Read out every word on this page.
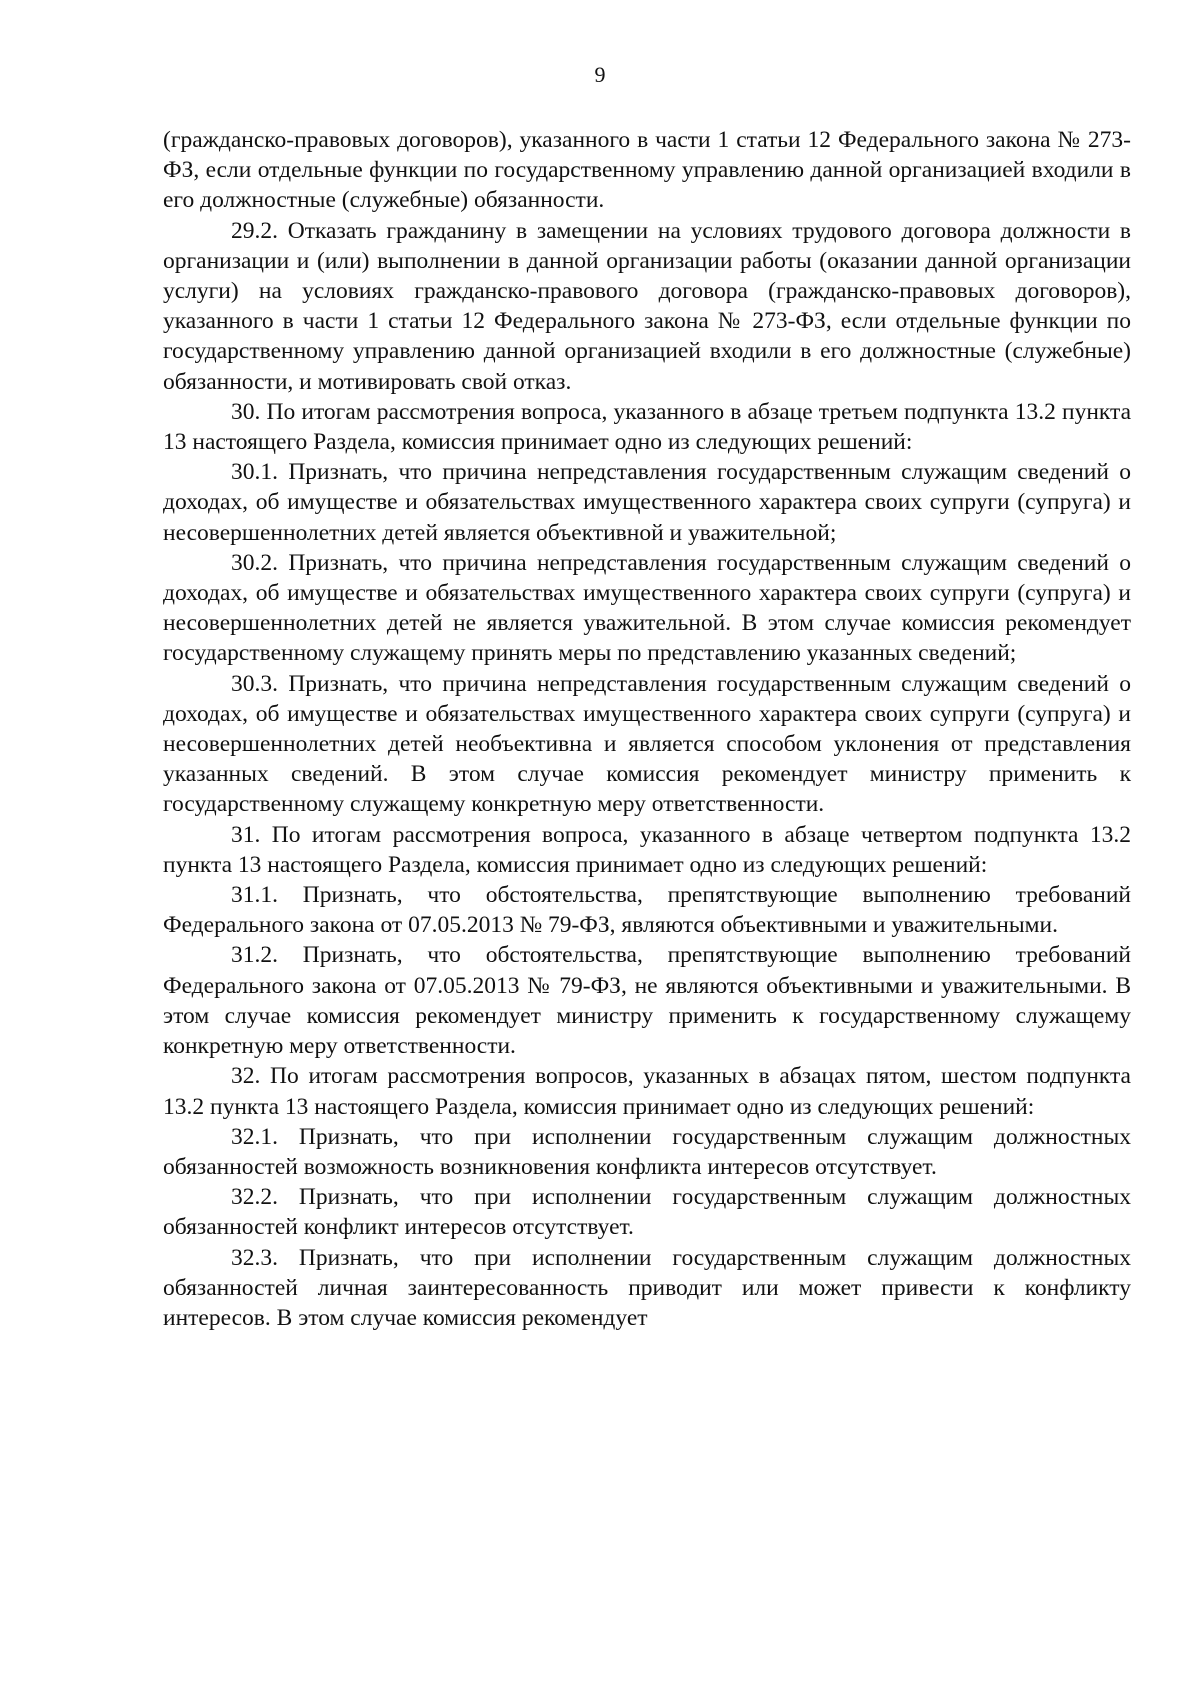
9

(гражданско-правовых договоров), указанного в части 1 статьи 12 Федерального закона № 273-ФЗ, если отдельные функции по государственному управлению данной организацией входили в его должностные (служебные) обязанности.

29.2. Отказать гражданину в замещении на условиях трудового договора должности в организации и (или) выполнении в данной организации работы (оказании данной организации услуги) на условиях гражданско-правового договора (гражданско-правовых договоров), указанного в части 1 статьи 12 Федерального закона № 273-ФЗ, если отдельные функции по государственному управлению данной организацией входили в его должностные (служебные) обязанности, и мотивировать свой отказ.

30. По итогам рассмотрения вопроса, указанного в абзаце третьем подпункта 13.2 пункта 13 настоящего Раздела, комиссия принимает одно из следующих решений:

30.1. Признать, что причина непредставления государственным служащим сведений о доходах, об имуществе и обязательствах имущественного характера своих супруги (супруга) и несовершеннолетних детей является объективной и уважительной;

30.2. Признать, что причина непредставления государственным служащим сведений о доходах, об имуществе и обязательствах имущественного характера своих супруги (супруга) и несовершеннолетних детей не является уважительной. В этом случае комиссия рекомендует государственному служащему принять меры по представлению указанных сведений;

30.3. Признать, что причина непредставления государственным служащим сведений о доходах, об имуществе и обязательствах имущественного характера своих супруги (супруга) и несовершеннолетних детей необъективна и является способом уклонения от представления указанных сведений. В этом случае комиссия рекомендует министру применить к государственному служащему конкретную меру ответственности.

31. По итогам рассмотрения вопроса, указанного в абзаце четвертом подпункта 13.2 пункта 13 настоящего Раздела, комиссия принимает одно из следующих решений:

31.1. Признать, что обстоятельства, препятствующие выполнению требований Федерального закона от 07.05.2013 № 79-ФЗ, являются объективными и уважительными.

31.2. Признать, что обстоятельства, препятствующие выполнению требований Федерального закона от 07.05.2013 № 79-ФЗ, не являются объективными и уважительными. В этом случае комиссия рекомендует министру применить к государственному служащему конкретную меру ответственности.

32. По итогам рассмотрения вопросов, указанных в абзацах пятом, шестом подпункта 13.2 пункта 13 настоящего Раздела, комиссия принимает одно из следующих решений:

32.1. Признать, что при исполнении государственным служащим должностных обязанностей возможность возникновения конфликта интересов отсутствует.

32.2. Признать, что при исполнении государственным служащим должностных обязанностей конфликт интересов отсутствует.

32.3. Признать, что при исполнении государственным служащим должностных обязанностей личная заинтересованность приводит или может привести к конфликту интересов. В этом случае комиссия рекомендует
